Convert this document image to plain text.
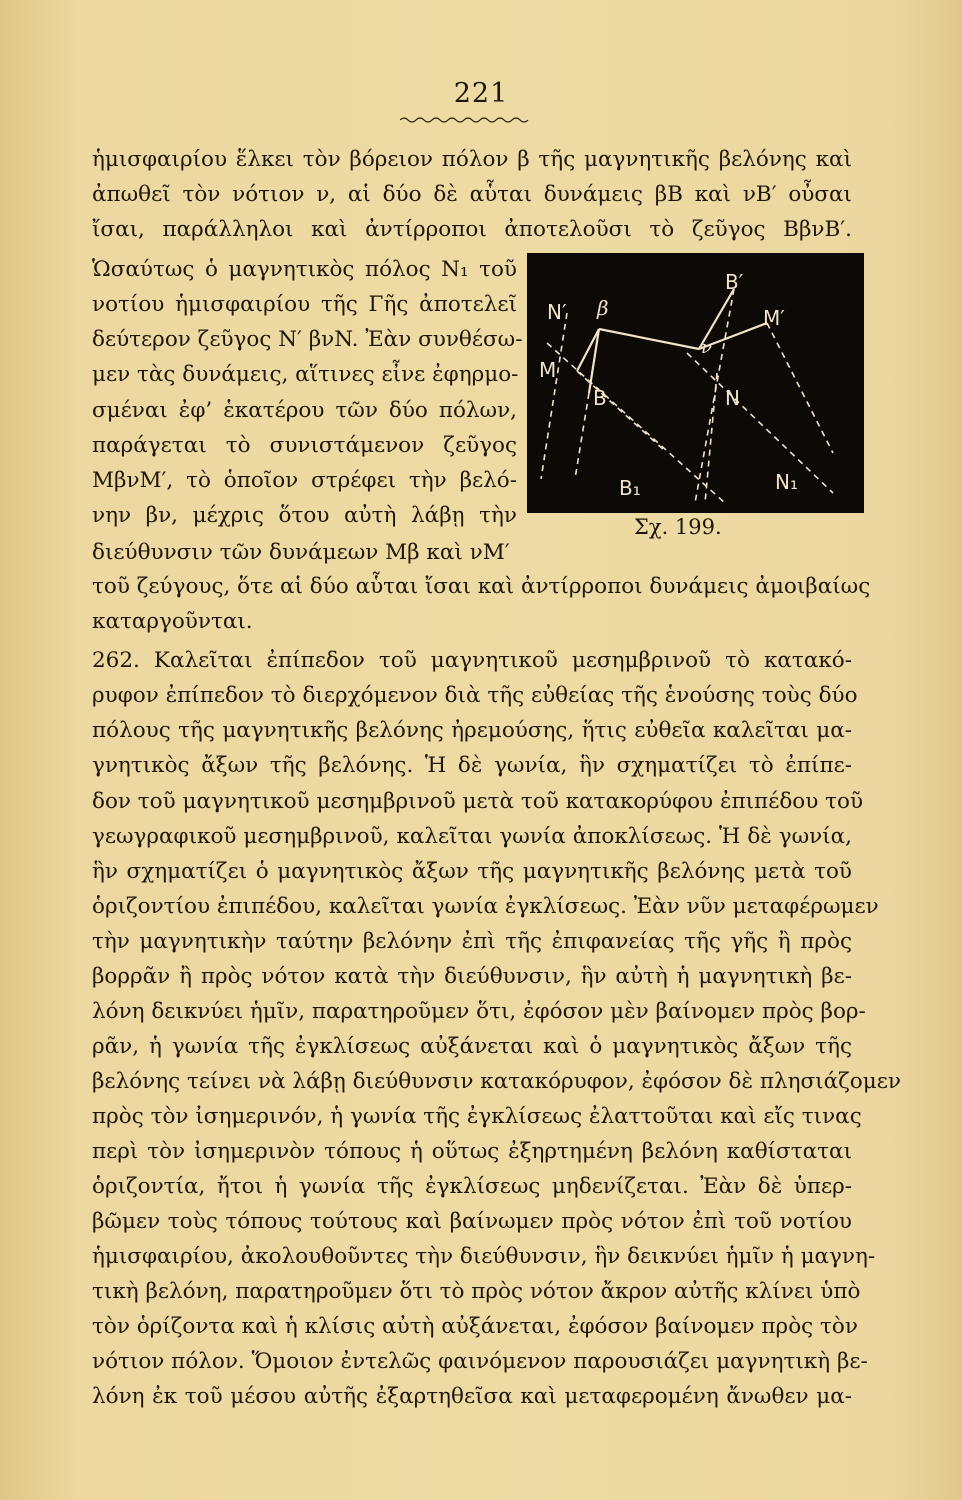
221
ἡμισφαιρίου ἕλκει τὸν βόρειον πόλον β τῆς μαγνητικῆς βελόνης καὶ
ἀπωθεῖ τὸν νότιον ν, αἱ δύο δὲ αὗται δυνάμεις βB καὶ νB′ οὖσαι
ἴσαι, παράλληλοι καὶ ἀντίρροποι ἀποτελοῦσι τὸ ζεῦγος BβνB′.
Ὡσαύτως ὁ μαγνητικὸς πόλος N₁ τοῦ
νοτίου ἡμισφαιρίου τῆς Γῆς ἀποτελεῖ
δεύτερον ζεῦγος N′ βνN. Ἐὰν συνθέσω-
μεν τὰς δυνάμεις, αἵτινες εἶνε ἐφηρμο-
σμέναι ἐφ’ ἑκατέρου τῶν δύο πόλων,
παράγεται τὸ συνιστάμενον ζεῦγος
MβνM′, τὸ ὁποῖον στρέφει τὴν βελό-
νην βν, μέχρις ὅτου αὐτὴ λάβῃ τὴν
διεύθυνσιν τῶν δυνάμεων Mβ καὶ νM′
N′ β
B′
M′
ν
M
B	N
B₁	N₁
Σχ. 199.
τοῦ ζεύγους, ὅτε αἱ δύο αὗται ἴσαι καὶ ἀντίρροποι δυνάμεις ἀμοιβαίως
καταργοῦνται.
262. Καλεῖται ἐπίπεδον τοῦ μαγνητικοῦ μεσημβρινοῦ τὸ κατακό-
ρυφον ἐπίπεδον τὸ διερχόμενον διὰ τῆς εὐθείας τῆς ἑνούσης τοὺς δύο
πόλους τῆς μαγνητικῆς βελόνης ἠρεμούσης, ἥτις εὐθεῖα καλεῖται μα-
γνητικὸς ἄξων τῆς βελόνης. Ἡ δὲ γωνία, ἣν σχηματίζει τὸ ἐπίπε-
δον τοῦ μαγνητικοῦ μεσημβρινοῦ μετὰ τοῦ κατακορύφου ἐπιπέδου τοῦ
γεωγραφικοῦ μεσημβρινοῦ, καλεῖται γωνία ἀποκλίσεως. Ἡ δὲ γωνία,
ἣν σχηματίζει ὁ μαγνητικὸς ἄξων τῆς μαγνητικῆς βελόνης μετὰ τοῦ
ὁριζοντίου ἐπιπέδου, καλεῖται γωνία ἐγκλίσεως. Ἐὰν νῦν μεταφέρωμεν
τὴν μαγνητικὴν ταύτην βελόνην ἐπὶ τῆς ἐπιφανείας τῆς γῆς ἢ πρὸς
βορρᾶν ἢ πρὸς νότον κατὰ τὴν διεύθυνσιν, ἣν αὐτὴ ἡ μαγνητικὴ βε-
λόνη δεικνύει ἡμῖν, παρατηροῦμεν ὅτι, ἐφόσον μὲν βαίνομεν πρὸς βορ-
ρᾶν, ἡ γωνία τῆς ἐγκλίσεως αὐξάνεται καὶ ὁ μαγνητικὸς ἄξων τῆς
βελόνης τείνει νὰ λάβῃ διεύθυνσιν κατακόρυφον, ἐφόσον δὲ πλησιάζομεν
πρὸς τὸν ἰσημερινόν, ἡ γωνία τῆς ἐγκλίσεως ἐλαττοῦται καὶ εἴς τινας
περὶ τὸν ἰσημερινὸν τόπους ἡ οὕτως ἐξηρτημένη βελόνη καθίσταται
ὁριζοντία, ἤτοι ἡ γωνία τῆς ἐγκλίσεως μηδενίζεται. Ἐὰν δὲ ὑπερ-
βῶμεν τοὺς τόπους τούτους καὶ βαίνωμεν πρὸς νότον ἐπὶ τοῦ νοτίου
ἡμισφαιρίου, ἀκολουθοῦντες τὴν διεύθυνσιν, ἣν δεικνύει ἡμῖν ἡ μαγνη-
τικὴ βελόνη, παρατηροῦμεν ὅτι τὸ πρὸς νότον ἄκρον αὐτῆς κλίνει ὑπὸ
τὸν ὁρίζοντα καὶ ἡ κλίσις αὐτὴ αὐξάνεται, ἐφόσον βαίνομεν πρὸς τὸν
νότιον πόλον. Ὅμοιον ἐντελῶς φαινόμενον παρουσιάζει μαγνητικὴ βε-
λόνη ἐκ τοῦ μέσου αὐτῆς ἐξαρτηθεῖσα καὶ μεταφερομένη ἄνωθεν μα-
